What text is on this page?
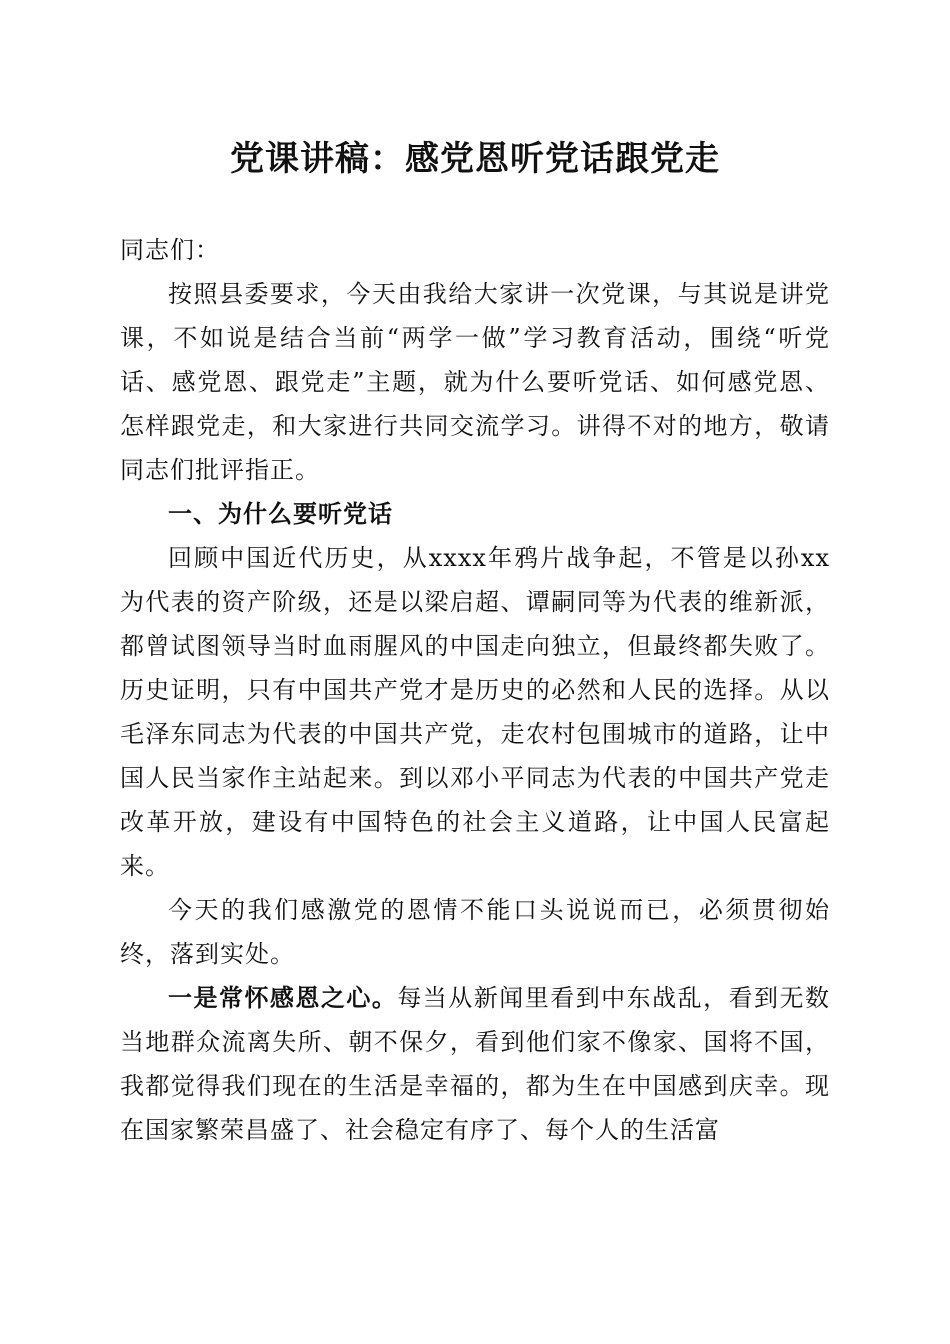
党课讲稿：感党恩听党话跟党走

同志们：

按照县委要求，今天由我给大家讲一次党课，与其说是讲党课，不如说是结合当前“两学一做”学习教育活动，围绕“听党话、感党恩、跟党走”主题，就为什么要听党话、如何感党恩、怎样跟党走，和大家进行共同交流学习。讲得不对的地方，敬请同志们批评指正。

一、为什么要听党话

回顾中国近代历史，从xxxx年鸦片战争起，不管是以孙xx为代表的资产阶级，还是以梁启超、谭嗣同等为代表的维新派，都曾试图领导当时血雨腥风的中国走向独立，但最终都失败了。历史证明，只有中国共产党才是历史的必然和人民的选择。从以毛泽东同志为代表的中国共产党，走农村包围城市的道路，让中国人民当家作主站起来。到以邓小平同志为代表的中国共产党走改革开放，建设有中国特色的社会主义道路，让中国人民富起来。

今天的我们感激党的恩情不能口头说说而已，必须贯彻始终，落到实处。

一是常怀感恩之心。每当从新闻里看到中东战乱，看到无数当地群众流离失所、朝不保夕，看到他们家不像家、国将不国，我都觉得我们现在的生活是幸福的，都为生在中国感到庆幸。现在国家繁荣昌盛了、社会稳定有序了、每个人的生活富
